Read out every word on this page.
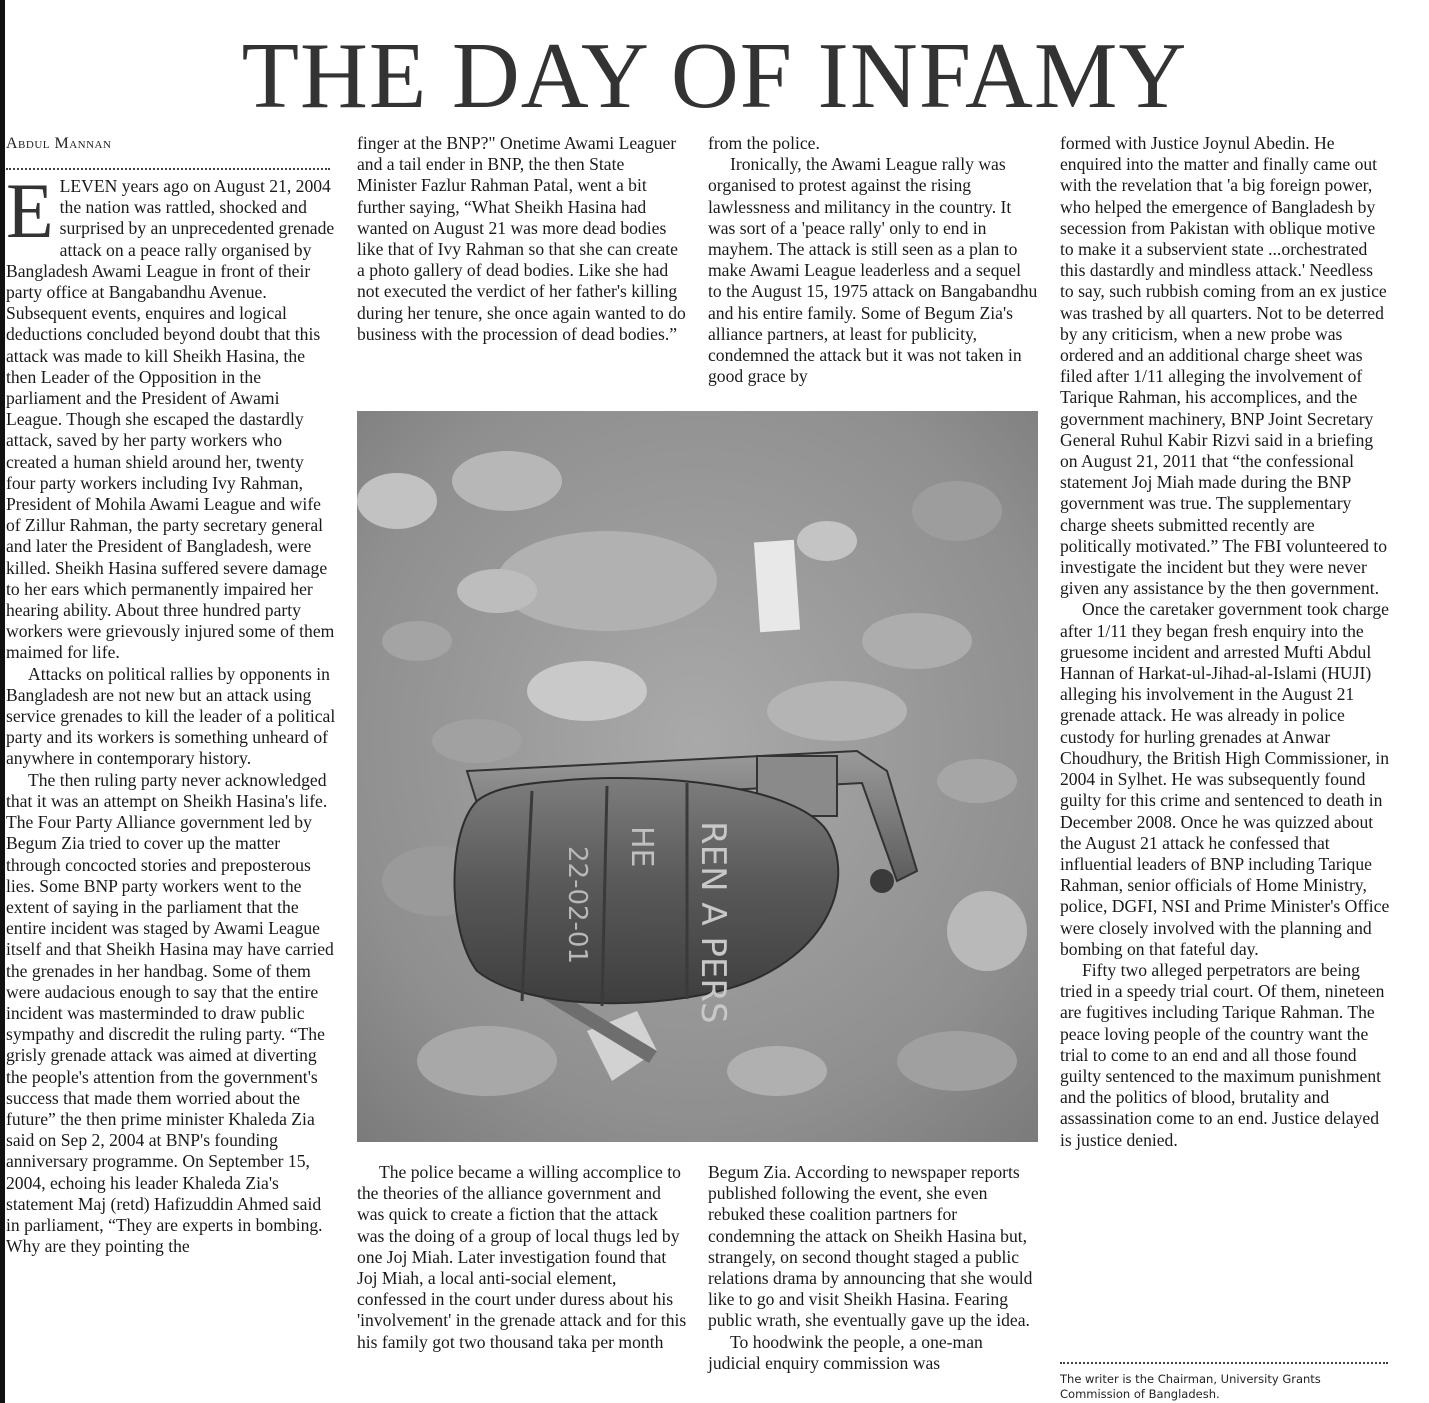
THE DAY OF INFAMY
Abdul Mannan
E LEVEN years ago on August 21, 2004 the nation was rattled, shocked and surprised by an unprecedented grenade attack on a peace rally organised by Bangladesh Awami League in front of their party office at Bangabandhu Avenue. Subsequent events, enquires and logical deductions concluded beyond doubt that this attack was made to kill Sheikh Hasina, the then Leader of the Opposition in the parliament and the President of Awami League. Though she escaped the dastardly attack, saved by her party workers who created a human shield around her, twenty four party workers including Ivy Rahman, President of Mohila Awami League and wife of Zillur Rahman, the party secretary general and later the President of Bangladesh, were killed. Sheikh Hasina suffered severe damage to her ears which permanently impaired her hearing ability. About three hundred party workers were grievously injured some of them maimed for life.

Attacks on political rallies by opponents in Bangladesh are not new but an attack using service grenades to kill the leader of a political party and its workers is something unheard of anywhere in contemporary history.

The then ruling party never acknowledged that it was an attempt on Sheikh Hasina's life. The Four Party Alliance government led by Begum Zia tried to cover up the matter through concocted stories and preposterous lies. Some BNP party workers went to the extent of saying in the parliament that the entire incident was staged by Awami League itself and that Sheikh Hasina may have carried the grenades in her handbag. Some of them were audacious enough to say that the entire incident was masterminded to draw public sympathy and discredit the ruling party. “The grisly grenade attack was aimed at diverting the people's attention from the government's success that made them worried about the future” the then prime minister Khaleda Zia said on Sep 2, 2004 at BNP's founding anniversary programme. On September 15, 2004, echoing his leader Khaleda Zia's statement Maj (retd) Hafizuddin Ahmed said in parliament, “They are experts in bombing. Why are they pointing the

finger at the BNP?" Onetime Awami Leaguer and a tail ender in BNP, the then State Minister Fazlur Rahman Patal, went a bit further saying, “What Sheikh Hasina had wanted on August 21 was more dead bodies like that of Ivy Rahman so that she can create a photo gallery of dead bodies. Like she had not executed the verdict of her father's killing during her tenure, she once again wanted to do business with the procession of dead bodies.”

from the police.

Ironically, the Awami League rally was organised to protest against the rising lawlessness and militancy in the country. It was sort of a 'peace rally' only to end in mayhem. The attack is still seen as a plan to make Awami League leaderless and a sequel to the August 15, 1975 attack on Bangabandhu and his entire family. Some of Begum Zia's alliance partners, at least for publicity, condemned the attack but it was not taken in good grace by

REN A PERS
HE
22-02-01

The police became a willing accomplice to the theories of the alliance government and was quick to create a fiction that the attack was the doing of a group of local thugs led by one Joj Miah. Later investigation found that Joj Miah, a local anti-social element, confessed in the court under duress about his 'involvement' in the grenade attack and for this his family got two thousand taka per month

Begum Zia. According to newspaper reports published following the event, she even rebuked these coalition partners for condemning the attack on Sheikh Hasina but, strangely, on second thought staged a public relations drama by announcing that she would like to go and visit Sheikh Hasina. Fearing public wrath, she eventually gave up the idea.

To hoodwink the people, a one-man judicial enquiry commission was

formed with Justice Joynul Abedin. He enquired into the matter and finally came out with the revelation that 'a big foreign power, who helped the emergence of Bangladesh by secession from Pakistan with oblique motive to make it a subservient state ...orchestrated this dastardly and mindless attack.' Needless to say, such rubbish coming from an ex justice was trashed by all quarters. Not to be deterred by any criticism, when a new probe was ordered and an additional charge sheet was filed after 1/11 alleging the involvement of Tarique Rahman, his accomplices, and the government machinery, BNP Joint Secretary General Ruhul Kabir Rizvi said in a briefing on August 21, 2011 that “the confessional statement Joj Miah made during the BNP government was true. The supplementary charge sheets submitted recently are politically motivated.” The FBI volunteered to investigate the incident but they were never given any assistance by the then government.

Once the caretaker government took charge after 1/11 they began fresh enquiry into the gruesome incident and arrested Mufti Abdul Hannan of Harkat-ul-Jihad-al-Islami (HUJI) alleging his involvement in the August 21 grenade attack. He was already in police custody for hurling grenades at Anwar Choudhury, the British High Commissioner, in 2004 in Sylhet. He was subsequently found guilty for this crime and sentenced to death in December 2008. Once he was quizzed about the August 21 attack he confessed that influential leaders of BNP including Tarique Rahman, senior officials of Home Ministry, police, DGFI, NSI and Prime Minister's Office were closely involved with the planning and bombing on that fateful day.

Fifty two alleged perpetrators are being tried in a speedy trial court. Of them, nineteen are fugitives including Tarique Rahman. The peace loving people of the country want the trial to come to an end and all those found guilty sentenced to the maximum punishment and the politics of blood, brutality and assassination come to an end. Justice delayed is justice denied.

The writer is the Chairman, University Grants Commission of Bangladesh.
